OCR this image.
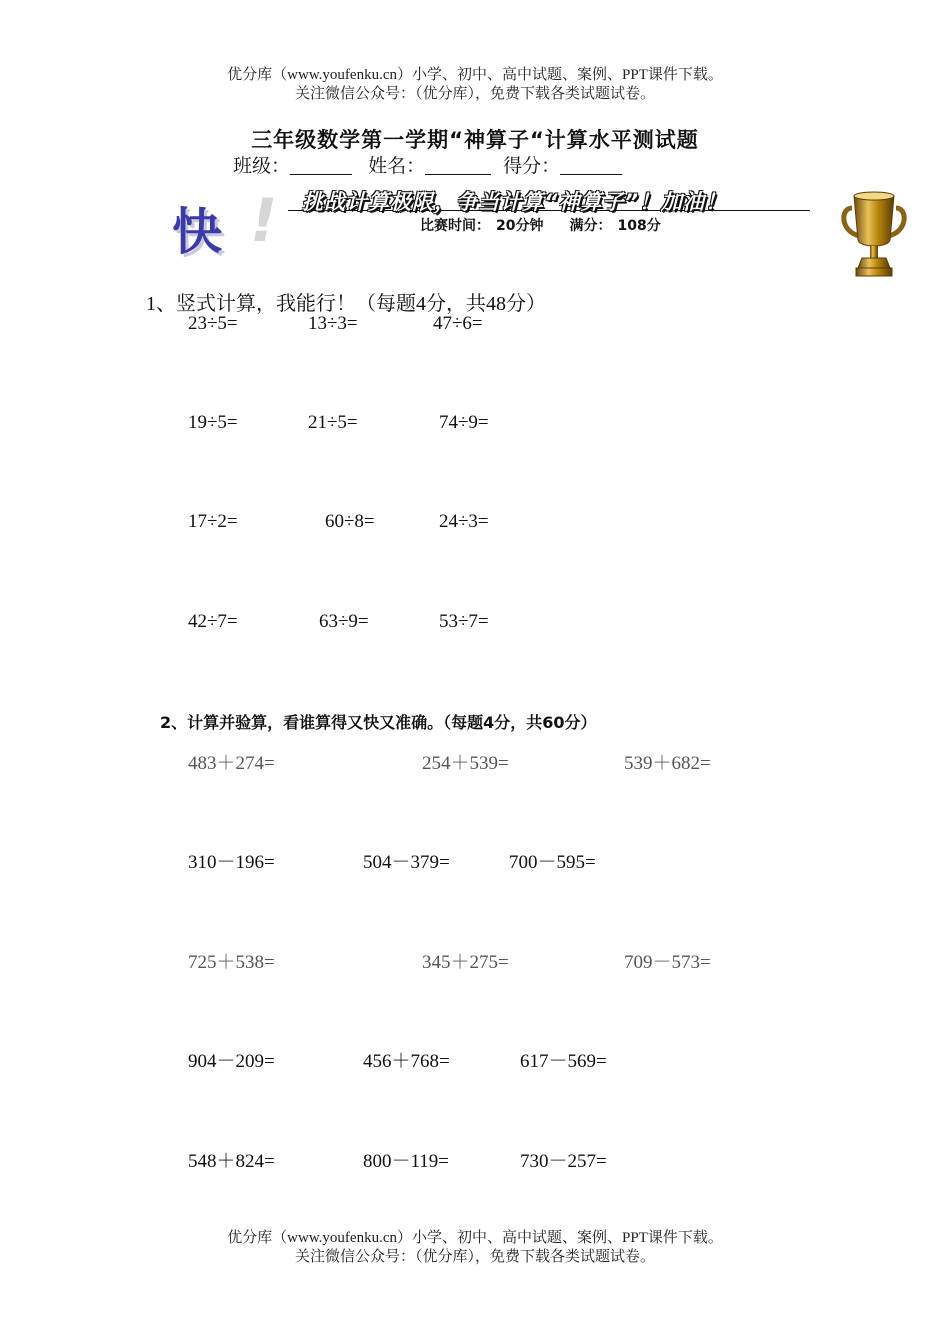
优分库（www.youfenku.cn）小学、初中、高中试题、案例、PPT课件下载。
关注微信公众号：（优分库），免费下载各类试题试卷。
三年级数学第一学期“神算子“计算水平测试题
班级：	姓名：	得分：
快 ! 挑战计算极限，争当计算“神算子”！加油！
比赛时间： 20分钟 满分： 108分
1、竖式计算，我能行！（每题4分，共48分）
23÷5=	13÷3=	47÷6=
19÷5=	21÷5=	74÷9=
17÷2=	60÷8=	24÷3=
42÷7=	63÷9=	53÷7=
2、计算并验算，看谁算得又快又准确。（每题4分，共60分）
483＋274=	254＋539=	539＋682=
310－196=	504－379=	700－595=
725＋538=	345＋275=	709－573=
904－209=	456＋768=	617－569=
548＋824=	800－119=	730－257=
优分库（www.youfenku.cn）小学、初中、高中试题、案例、PPT课件下载。
关注微信公众号：（优分库），免费下载各类试题试卷。
